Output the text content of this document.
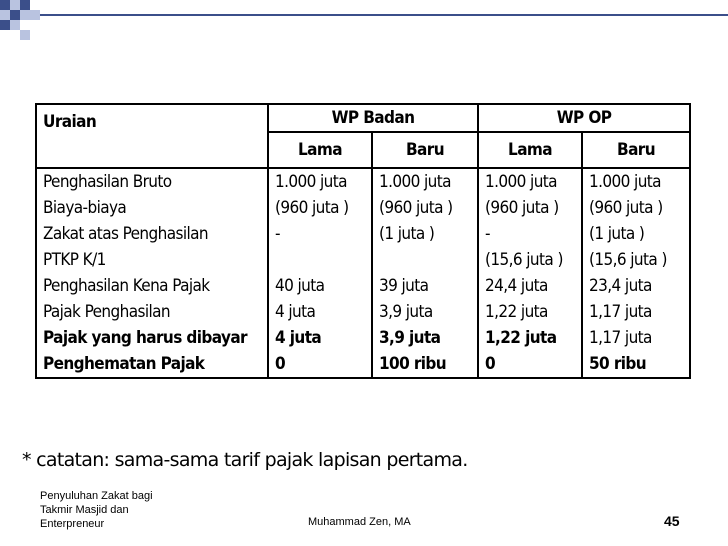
Uraian	WP Badan		WP OP	
	Lama	Baru	Lama	Baru
Penghasilan Bruto	1.000 juta	1.000 juta	1.000 juta	1.000 juta
Biaya-biaya	(960 juta )	(960 juta )	(960 juta )	(960 juta )
Zakat atas Penghasilan	-	(1 juta )	-	(1 juta )
PTKP K/1			(15,6 juta )	(15,6 juta )
Penghasilan Kena Pajak	40 juta	39 juta	24,4 juta	23,4 juta
Pajak Penghasilan	4 juta	3,9 juta	1,22 juta	1,17 juta
Pajak yang harus dibayar	4 juta	3,9 juta	1,22 juta	1,17 juta
Penghematan Pajak	0	100 ribu	0	50 ribu
* catatan: sama-sama tarif pajak lapisan pertama.
Penyuluhan Zakat bagi
Takmir Masjid dan
Enterpreneur	Muhammad Zen, MA	45
